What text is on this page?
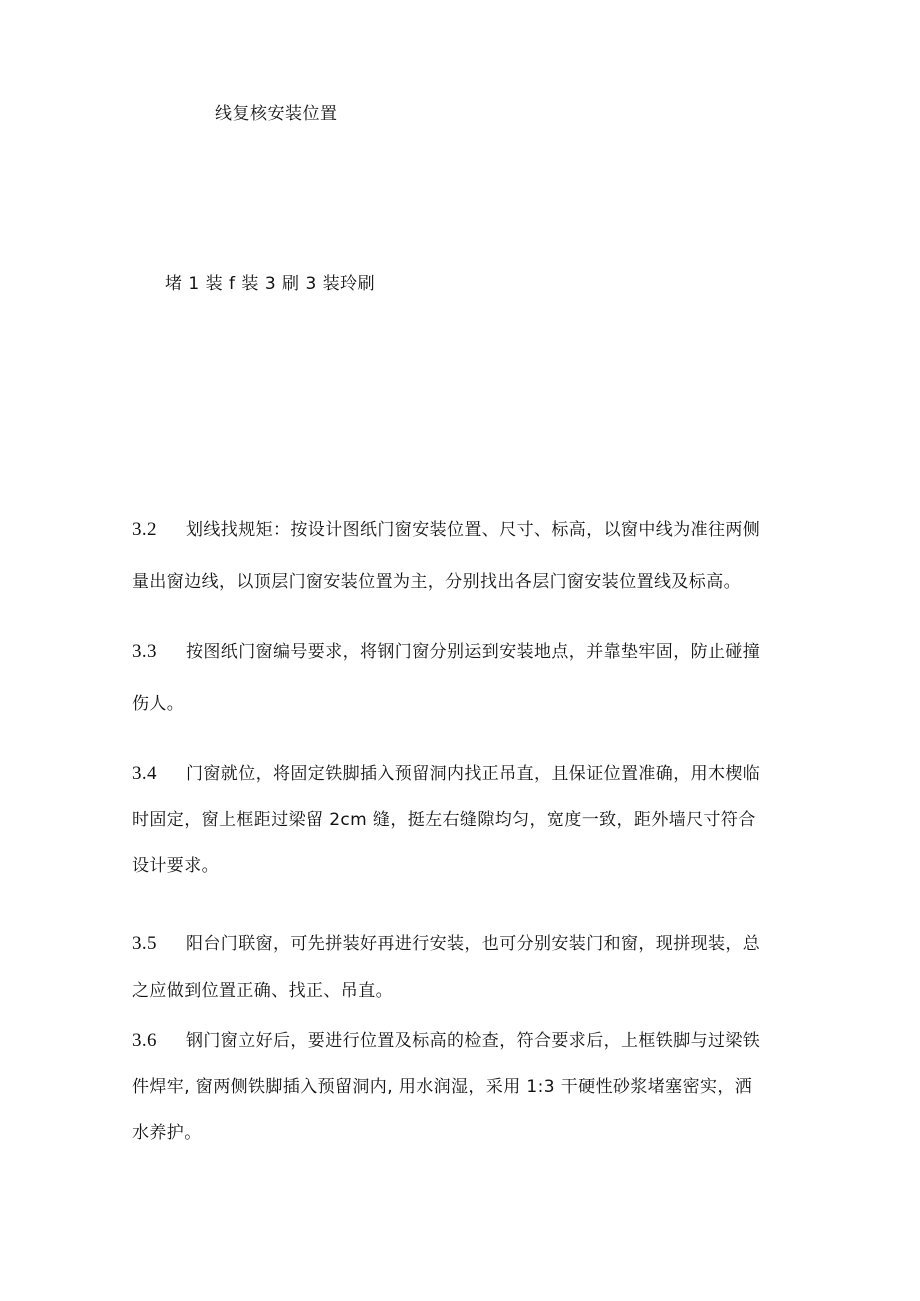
线复核安装位置
堵 1 装 f 装 3 刷 3 装玲刷
3.2 划线找规矩：按设计图纸门窗安装位置、尺寸、标高，以窗中线为准往两侧
量出窗边线，以顶层门窗安装位置为主，分别找出各层门窗安装位置线及标高。
3.3 按图纸门窗编号要求，将钢门窗分别运到安装地点，并靠垫牢固，防止碰撞
伤人。
3.4 门窗就位，将固定铁脚插入预留洞内找正吊直，且保证位置准确，用木楔临
时固定，窗上框距过梁留 2cm 缝，挺左右缝隙均匀，宽度一致，距外墙尺寸符合
设计要求。
3.5 阳台门联窗，可先拼装好再进行安装，也可分别安装门和窗，现拼现装，总
之应做到位置正确、找正、吊直。
3.6 钢门窗立好后，要进行位置及标高的检查，符合要求后，上框铁脚与过梁铁
件焊牢, 窗两侧铁脚插入预留洞内, 用水润湿，采用 1:3 干硬性砂浆堵塞密实，洒
水养护。
